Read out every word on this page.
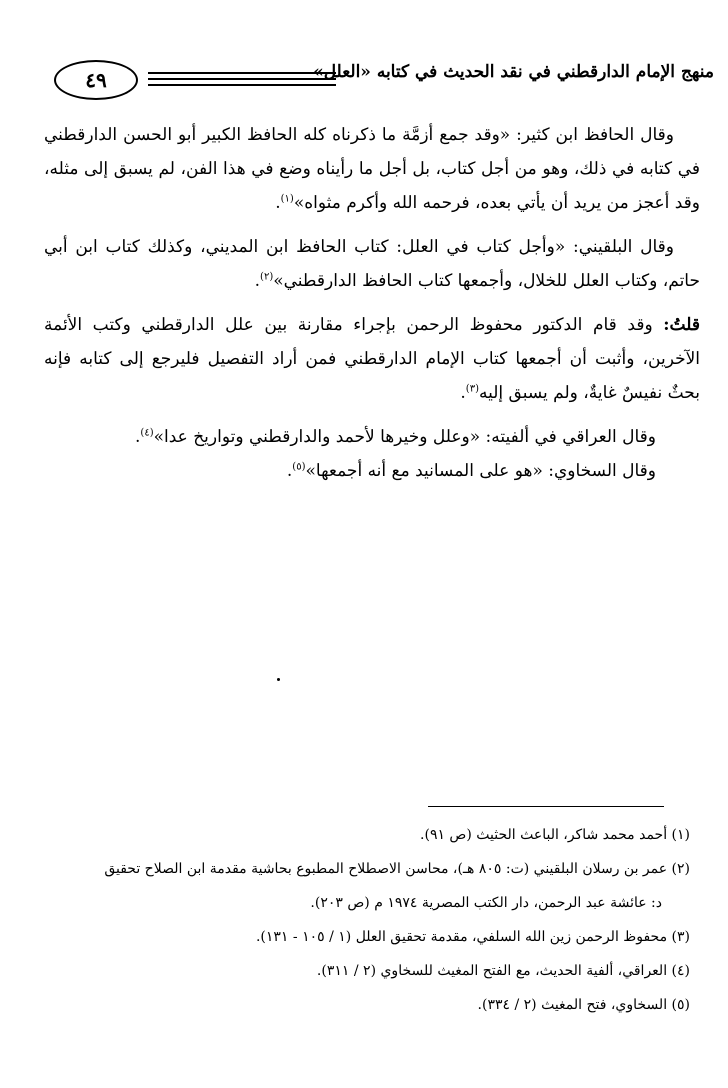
منهج الإمام الدارقطني في نقد الحديث في كتابه «العلل»
٤٩

وقال الحافظ ابن كثير: «وقد جمع أزمَّة ما ذكرناه كله الحافظ الكبير أبو الحسن الدارقطني في كتابه في ذلك، وهو من أجل كتاب، بل أجل ما رأيناه وضع في هذا الفن، لم يسبق إلى مثله، وقد أعجز من يريد أن يأتي بعده، فرحمه الله وأكرم مثواه»$^{(١)}$.

وقال البلقيني: «وأجل كتاب في العلل: كتاب الحافظ ابن المديني، وكذلك كتاب ابن أبي حاتم، وكتاب العلل للخلال، وأجمعها كتاب الحافظ الدارقطني»$^{(٢)}$.

قلتُ: وقد قام الدكتور محفوظ الرحمن بإجراء مقارنة بين علل الدارقطني وكتب الأئمة الآخرين، وأثبت أن أجمعها كتاب الإمام الدارقطني فمن أراد التفصيل فليرجع إلى كتابه فإنه بحثٌ نفيسٌ غايةٌ، ولم يسبق إليه$^{(٣)}$.

وقال العراقي في ألفيته: «وعلل وخيرها لأحمد والدارقطني وتواريخ عدا»$^{(٤)}$.

وقال السخاوي: «هو على المسانيد مع أنه أجمعها»$^{(٥)}$.

(١) أحمد محمد شاكر، الباعث الحثيث (ص ٩١).

(٢) عمر بن رسلان البلقيني (ت: ٨٠٥ هـ)، محاسن الاصطلاح المطبوع بحاشية مقدمة ابن الصلاح تحقيق

د: عائشة عبد الرحمن، دار الكتب المصرية ١٩٧٤ م (ص ٢٠٣).

(٣) محفوظ الرحمن زين الله السلفي، مقدمة تحقيق العلل (١ / ١٠٥ - ١٣١).

(٤) العراقي، ألفية الحديث، مع الفتح المغيث للسخاوي (٢ / ٣١١).

(٥) السخاوي، فتح المغيث (٢ / ٣٣٤).
